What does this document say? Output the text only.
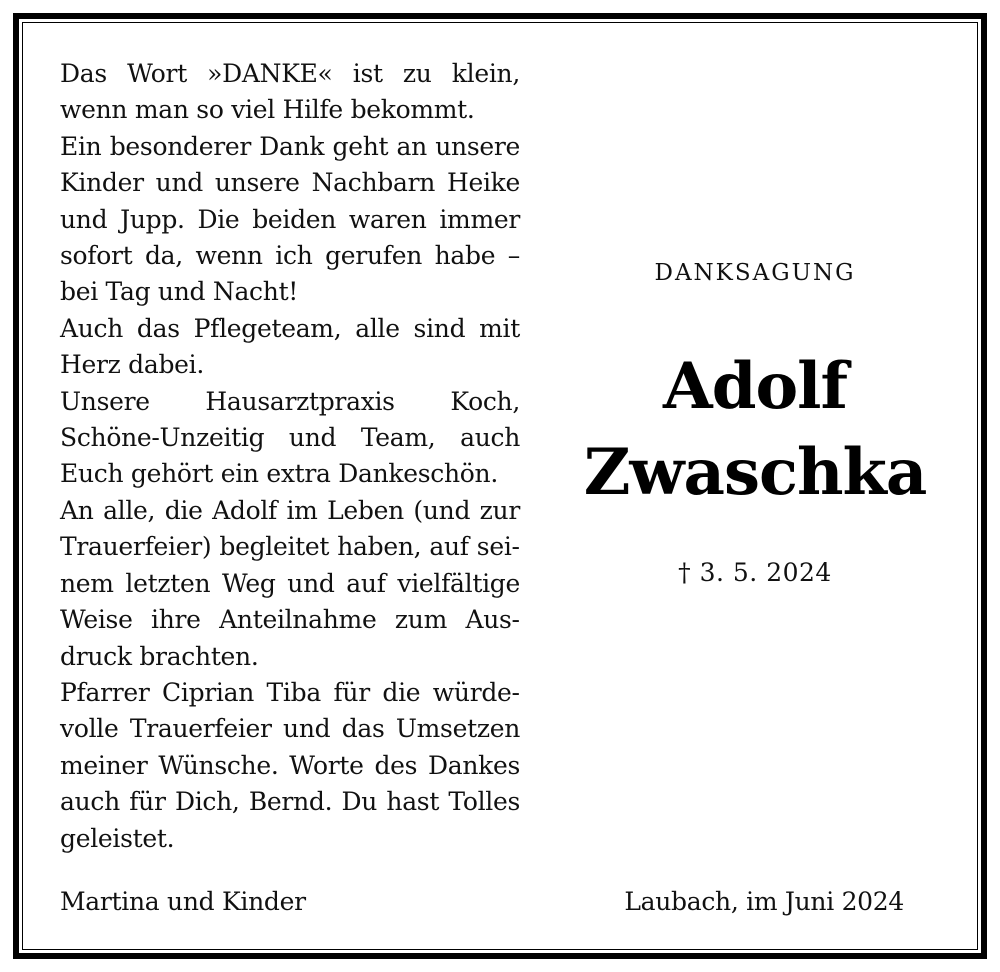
Das Wort »DANKE« ist zu klein, wenn man so viel Hilfe bekommt.

Ein besonderer Dank geht an unsere Kinder und unsere Nachbarn Heike und Jupp. Die beiden waren immer sofort da, wenn ich gerufen habe – bei Tag und Nacht!

Auch das Pflegeteam, alle sind mit Herz dabei.

Unsere Hausarztpraxis Koch, Schöne-Unzeitig und Team, auch Euch gehört ein extra Dankeschön.

An alle, die Adolf im Leben (und zur Trauerfeier) begleitet haben, auf seinem letzten Weg und auf vielfältige Weise ihre Anteilnahme zum Ausdruck brachten.

Pfarrer Ciprian Tiba für die würdevolle Trauerfeier und das Umsetzen meiner Wünsche. Worte des Dankes auch für Dich, Bernd. Du hast Tolles geleistet.

DANKSAGUNG
Adolf
Zwaschka
† 3. 5. 2024
Martina und Kinder	Laubach, im Juni 2024
